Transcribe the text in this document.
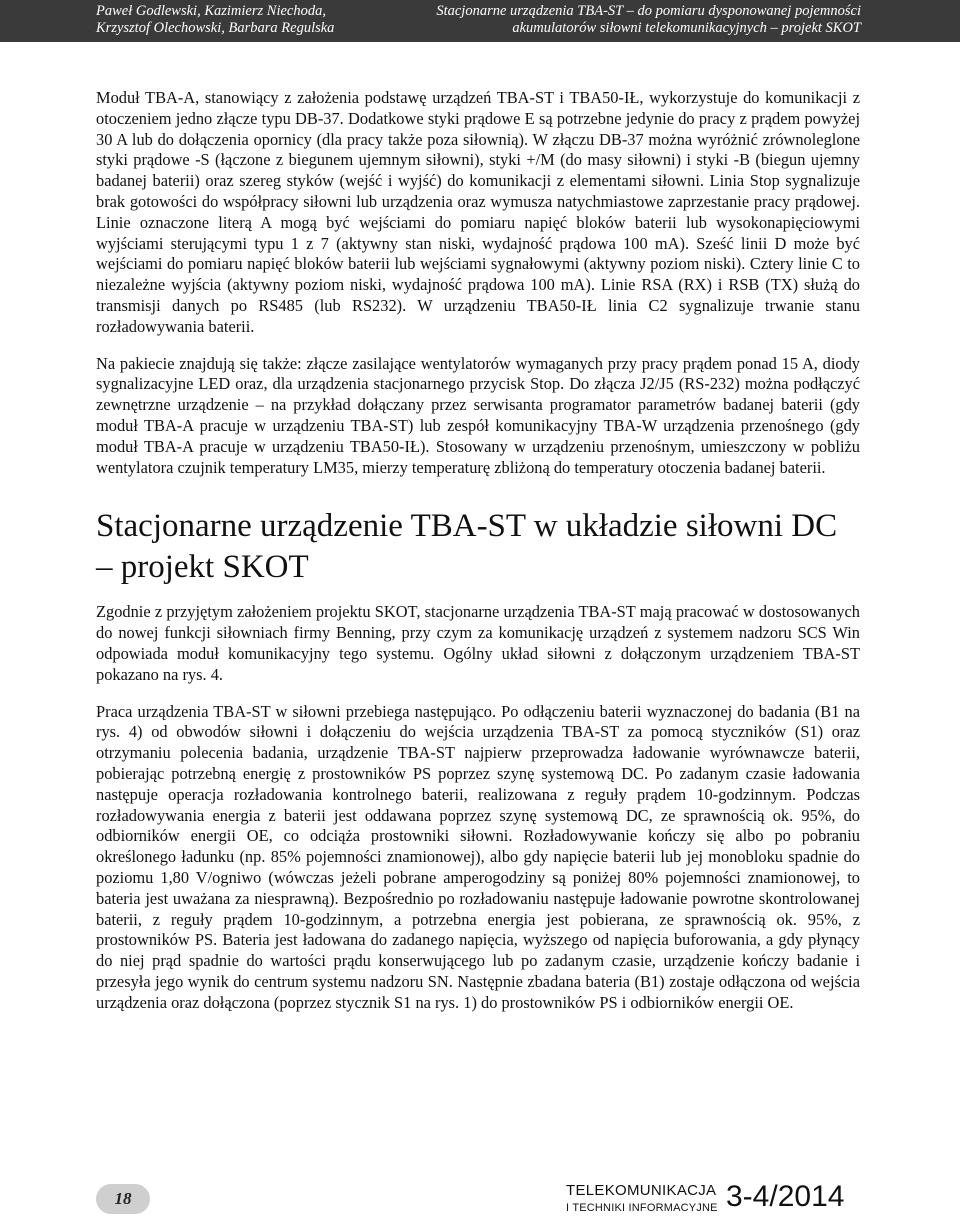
Paweł Godlewski, Kazimierz Niechoda,
Krzysztof Olechowski, Barbara Regulska
Stacjonarne urządzenia TBA-ST – do pomiaru dysponowanej pojemności
akumulatorów siłowni telekomunikacyjnych – projekt SKOT

Moduł TBA-A, stanowiący z założenia podstawę urządzeń TBA-ST i TBA50-IŁ, wykorzystuje do komunikacji z otoczeniem jedno złącze typu DB-37. Dodatkowe styki prądowe E są potrzebne jedynie do pracy z prądem powyżej 30 A lub do dołączenia opornicy (dla pracy także poza siłownią). W złączu DB-37 można wyróżnić zrównoleglone styki prądowe -S (łączone z biegunem ujemnym siłowni), styki +/M (do masy siłowni) i styki -B (biegun ujemny badanej baterii) oraz szereg styków (wejść i wyjść) do komunikacji z elementami siłowni. Linia Stop sygnalizuje brak gotowości do współpracy siłowni lub urządzenia oraz wymusza natychmiastowe zaprzestanie pracy prądowej. Linie oznaczone literą A mogą być wejściami do pomiaru napięć bloków baterii lub wysokonapięciowymi wyjściami sterującymi typu 1 z 7 (aktywny stan niski, wydajność prądowa 100 mA). Sześć linii D może być wejściami do pomiaru napięć bloków baterii lub wejściami sygnałowymi (aktywny poziom niski). Cztery linie C to niezależne wyjścia (aktywny poziom niski, wydajność prądowa 100 mA). Linie RSA (RX) i RSB (TX) służą do transmisji danych po RS485 (lub RS232). W urządzeniu TBA50-IŁ linia C2 sygnalizuje trwanie stanu rozładowywania baterii.

Na pakiecie znajdują się także: złącze zasilające wentylatorów wymaganych przy pracy prądem ponad 15 A, diody sygnalizacyjne LED oraz, dla urządzenia stacjonarnego przycisk Stop. Do złącza J2/J5 (RS-232) można podłączyć zewnętrzne urządzenie – na przykład dołączany przez serwisanta programator parametrów badanej baterii (gdy moduł TBA-A pracuje w urządzeniu TBA-ST) lub zespół komunikacyjny TBA-W urządzenia przenośnego (gdy moduł TBA-A pracuje w urządzeniu TBA50-IŁ). Stosowany w urządzeniu przenośnym, umieszczony w pobliżu wentylatora czujnik temperatury LM35, mierzy temperaturę zbliżoną do temperatury otoczenia badanej baterii.

Stacjonarne urządzenie TBA-ST w układzie siłowni DC – projekt SKOT

Zgodnie z przyjętym założeniem projektu SKOT, stacjonarne urządzenia TBA-ST mają pracować w dostosowanych do nowej funkcji siłowniach firmy Benning, przy czym za komunikację urządzeń z systemem nadzoru SCS Win odpowiada moduł komunikacyjny tego systemu. Ogólny układ siłowni z dołączonym urządzeniem TBA-ST pokazano na rys. 4.

Praca urządzenia TBA-ST w siłowni przebiega następująco. Po odłączeniu baterii wyznaczonej do badania (B1 na rys. 4) od obwodów siłowni i dołączeniu do wejścia urządzenia TBA-ST za pomocą styczników (S1) oraz otrzymaniu polecenia badania, urządzenie TBA-ST najpierw przeprowadza ładowanie wyrównawcze baterii, pobierając potrzebną energię z prostowników PS poprzez szynę systemową DC. Po zadanym czasie ładowania następuje operacja rozładowania kontrolnego baterii, realizowana z reguły prądem 10-godzinnym. Podczas rozładowywania energia z baterii jest oddawana poprzez szynę systemową DC, ze sprawnością ok. 95%, do odbiorników energii OE, co odciąża prostowniki siłowni. Rozładowywanie kończy się albo po pobraniu określonego ładunku (np. 85% pojemności znamionowej), albo gdy napięcie baterii lub jej monobloku spadnie do poziomu 1,80 V/ogniwo (wówczas jeżeli pobrane amperogodziny są poniżej 80% pojemności znamionowej, to bateria jest uważana za niesprawną). Bezpośrednio po rozładowaniu następuje ładowanie powrotne skontrolowanej baterii, z reguły prądem 10-godzinnym, a potrzebna energia jest pobierana, ze sprawnością ok. 95%, z prostowników PS. Bateria jest ładowana do zadanego napięcia, wyższego od napięcia buforowania, a gdy płynący do niej prąd spadnie do wartości prądu konserwującego lub po zadanym czasie, urządzenie kończy badanie i przesyła jego wynik do centrum systemu nadzoru SN. Następnie zbadana bateria (B1) zostaje odłączona od wejścia urządzenia oraz dołączona (poprzez stycznik S1 na rys. 1) do prostowników PS i odbiorników energii OE.

18	TELEKOMUNIKACJA
I TECHNIKI INFORMACYJNE 3-4/2014
